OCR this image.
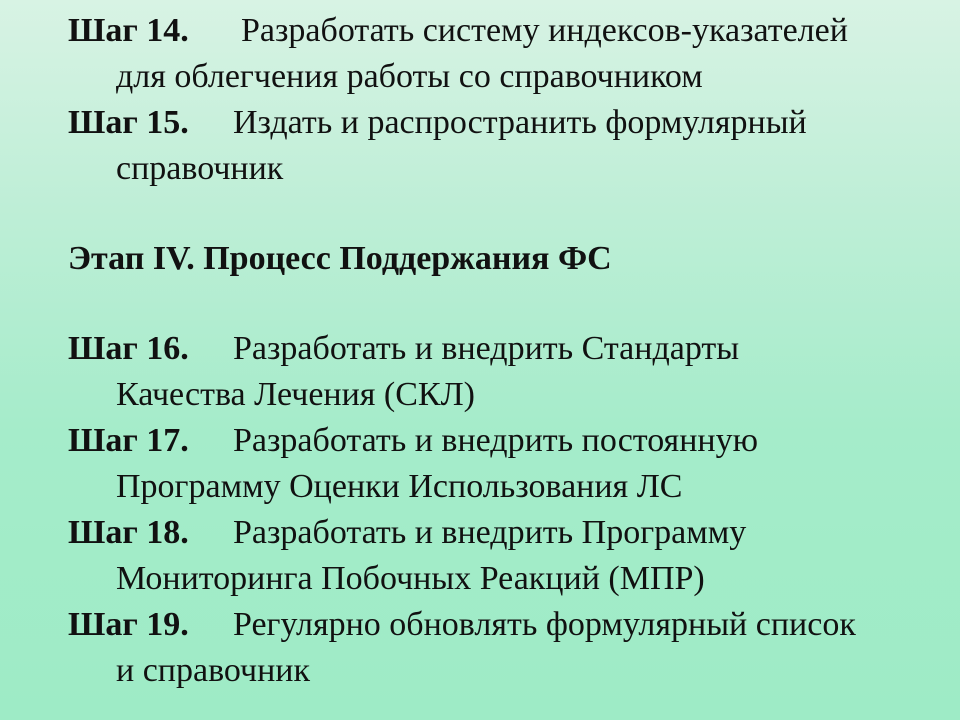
Шаг 14.	Разработать систему индексов-указателей
для облегчения работы со справочником
Шаг 15.	Издать и распространить формулярный
справочник
Этап IV. Процесс Поддержания ФС
Шаг 16.	Разработать и внедрить Стандарты
Качества Лечения (СКЛ)
Шаг 17.	Разработать и внедрить постоянную
Программу Оценки Использования ЛС
Шаг 18.	Разработать и внедрить Программу
Мониторинга Побочных Реакций (МПР)
Шаг 19.	Регулярно обновлять формулярный список
и справочник
